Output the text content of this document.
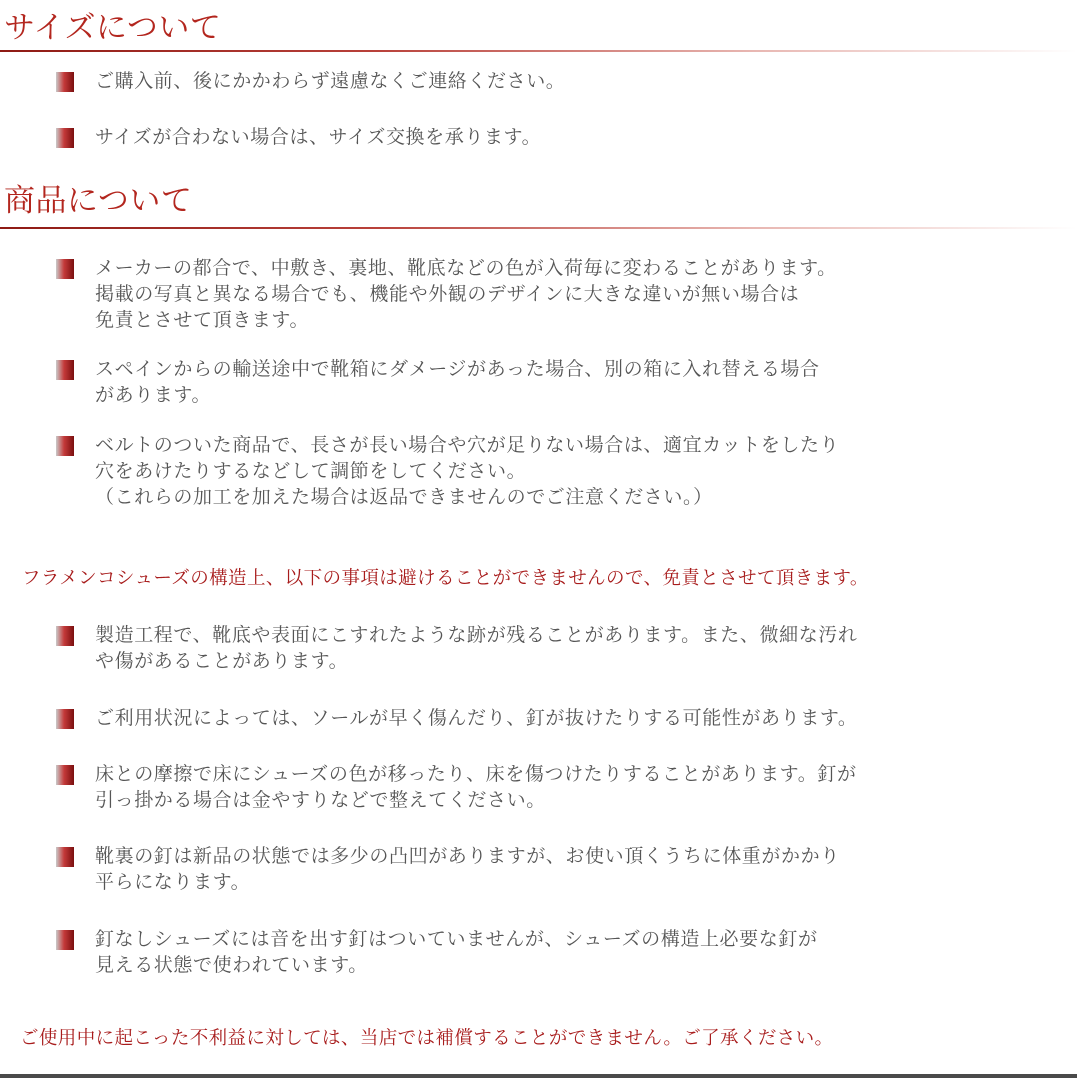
サイズについて

ご購入前、後にかかわらず遠慮なくご連絡ください。

サイズが合わない場合は、サイズ交換を承ります。

商品について

メーカーの都合で、中敷き、裏地、靴底などの色が入荷毎に変わることがあります。
掲載の写真と異なる場合でも、機能や外観のデザインに大きな違いが無い場合は
免責とさせて頂きます。

スペインからの輸送途中で靴箱にダメージがあった場合、別の箱に入れ替える場合
があります。

ベルトのついた商品で、長さが長い場合や穴が足りない場合は、適宜カットをしたり
穴をあけたりするなどして調節をしてください。
（これらの加工を加えた場合は返品できませんのでご注意ください。）

フラメンコシューズの構造上、以下の事項は避けることができませんので、免責とさせて頂きます。

製造工程で、靴底や表面にこすれたような跡が残ることがあります。また、微細な汚れ
や傷があることがあります。

ご利用状況によっては、ソールが早く傷んだり、釘が抜けたりする可能性があります。

床との摩擦で床にシューズの色が移ったり、床を傷つけたりすることがあります。釘が
引っ掛かる場合は金やすりなどで整えてください。

靴裏の釘は新品の状態では多少の凸凹がありますが、お使い頂くうちに体重がかかり
平らになります。

釘なしシューズには音を出す釘はついていませんが、シューズの構造上必要な釘が
見える状態で使われています。

ご使用中に起こった不利益に対しては、当店では補償することができません。ご了承ください。
